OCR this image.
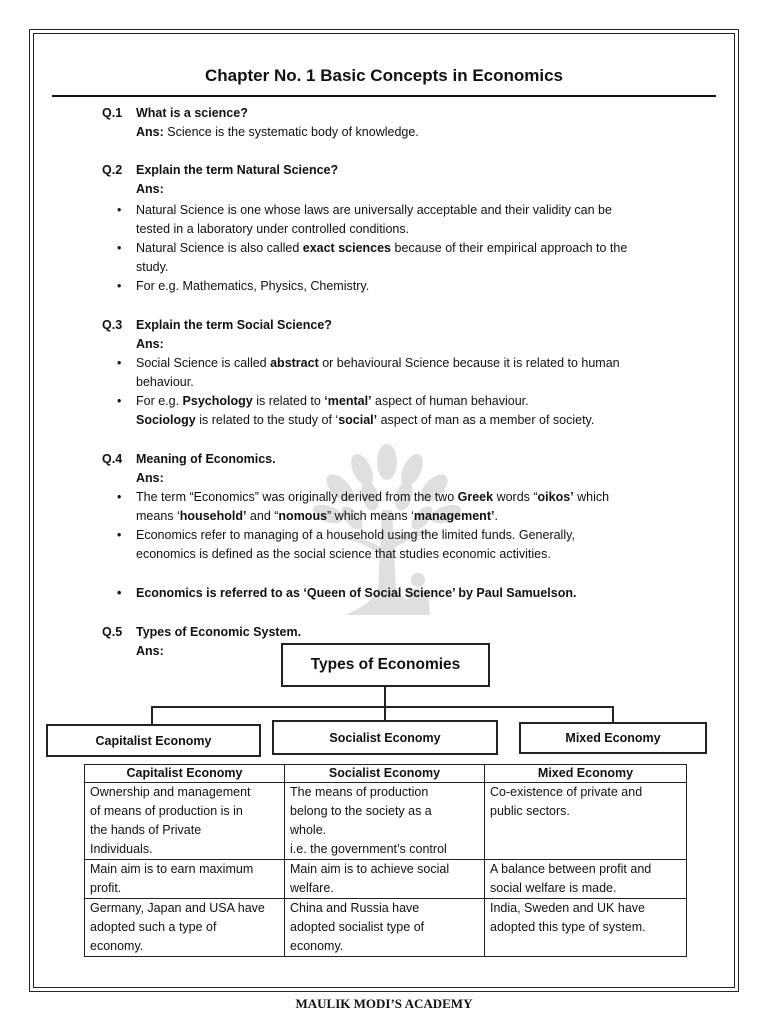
Chapter No. 1 Basic Concepts in Economics
Q.1 What is a science?
Ans: Science is the systematic body of knowledge.
Q.2 Explain the term Natural Science?
Ans:
• Natural Science is one whose laws are universally acceptable and their validity can be
tested in a laboratory under controlled conditions.
• Natural Science is also called exact sciences because of their empirical approach to the
study.
• For e.g. Mathematics, Physics, Chemistry.
Q.3 Explain the term Social Science?
Ans:
• Social Science is called abstract or behavioural Science because it is related to human
behaviour.
• For e.g. Psychology is related to ‘mental’ aspect of human behaviour.
Sociology is related to the study of ‘social’ aspect of man as a member of society.
Q.4 Meaning of Economics.
Ans:
• The term “Economics” was originally derived from the two Greek words “oikos’ which
means ‘household’ and “nomous” which means ‘management’.
• Economics refer to managing of a household using the limited funds. Generally,
economics is defined as the social science that studies economic activities.
• Economics is referred to as ‘Queen of Social Science’ by Paul Samuelson.
Q.5 Types of Economic System.
Ans:
Types of Economies
Capitalist Economy	Socialist Economy	Mixed Economy
Capitalist Economy	Socialist Economy	Mixed Economy
Ownership and management
of means of production is in
the hands of Private
Individuals.	The means of production
belong to the society as a
whole.
i.e. the government’s control	Co-existence of private and
public sectors.
Main aim is to earn maximum
profit.	Main aim is to achieve social
welfare.	A balance between profit and
social welfare is made.
Germany, Japan and USA have
adopted such a type of
economy.	China and Russia have
adopted socialist type of
economy.	India, Sweden and UK have
adopted this type of system.
MAULIK MODI’S ACADEMY
